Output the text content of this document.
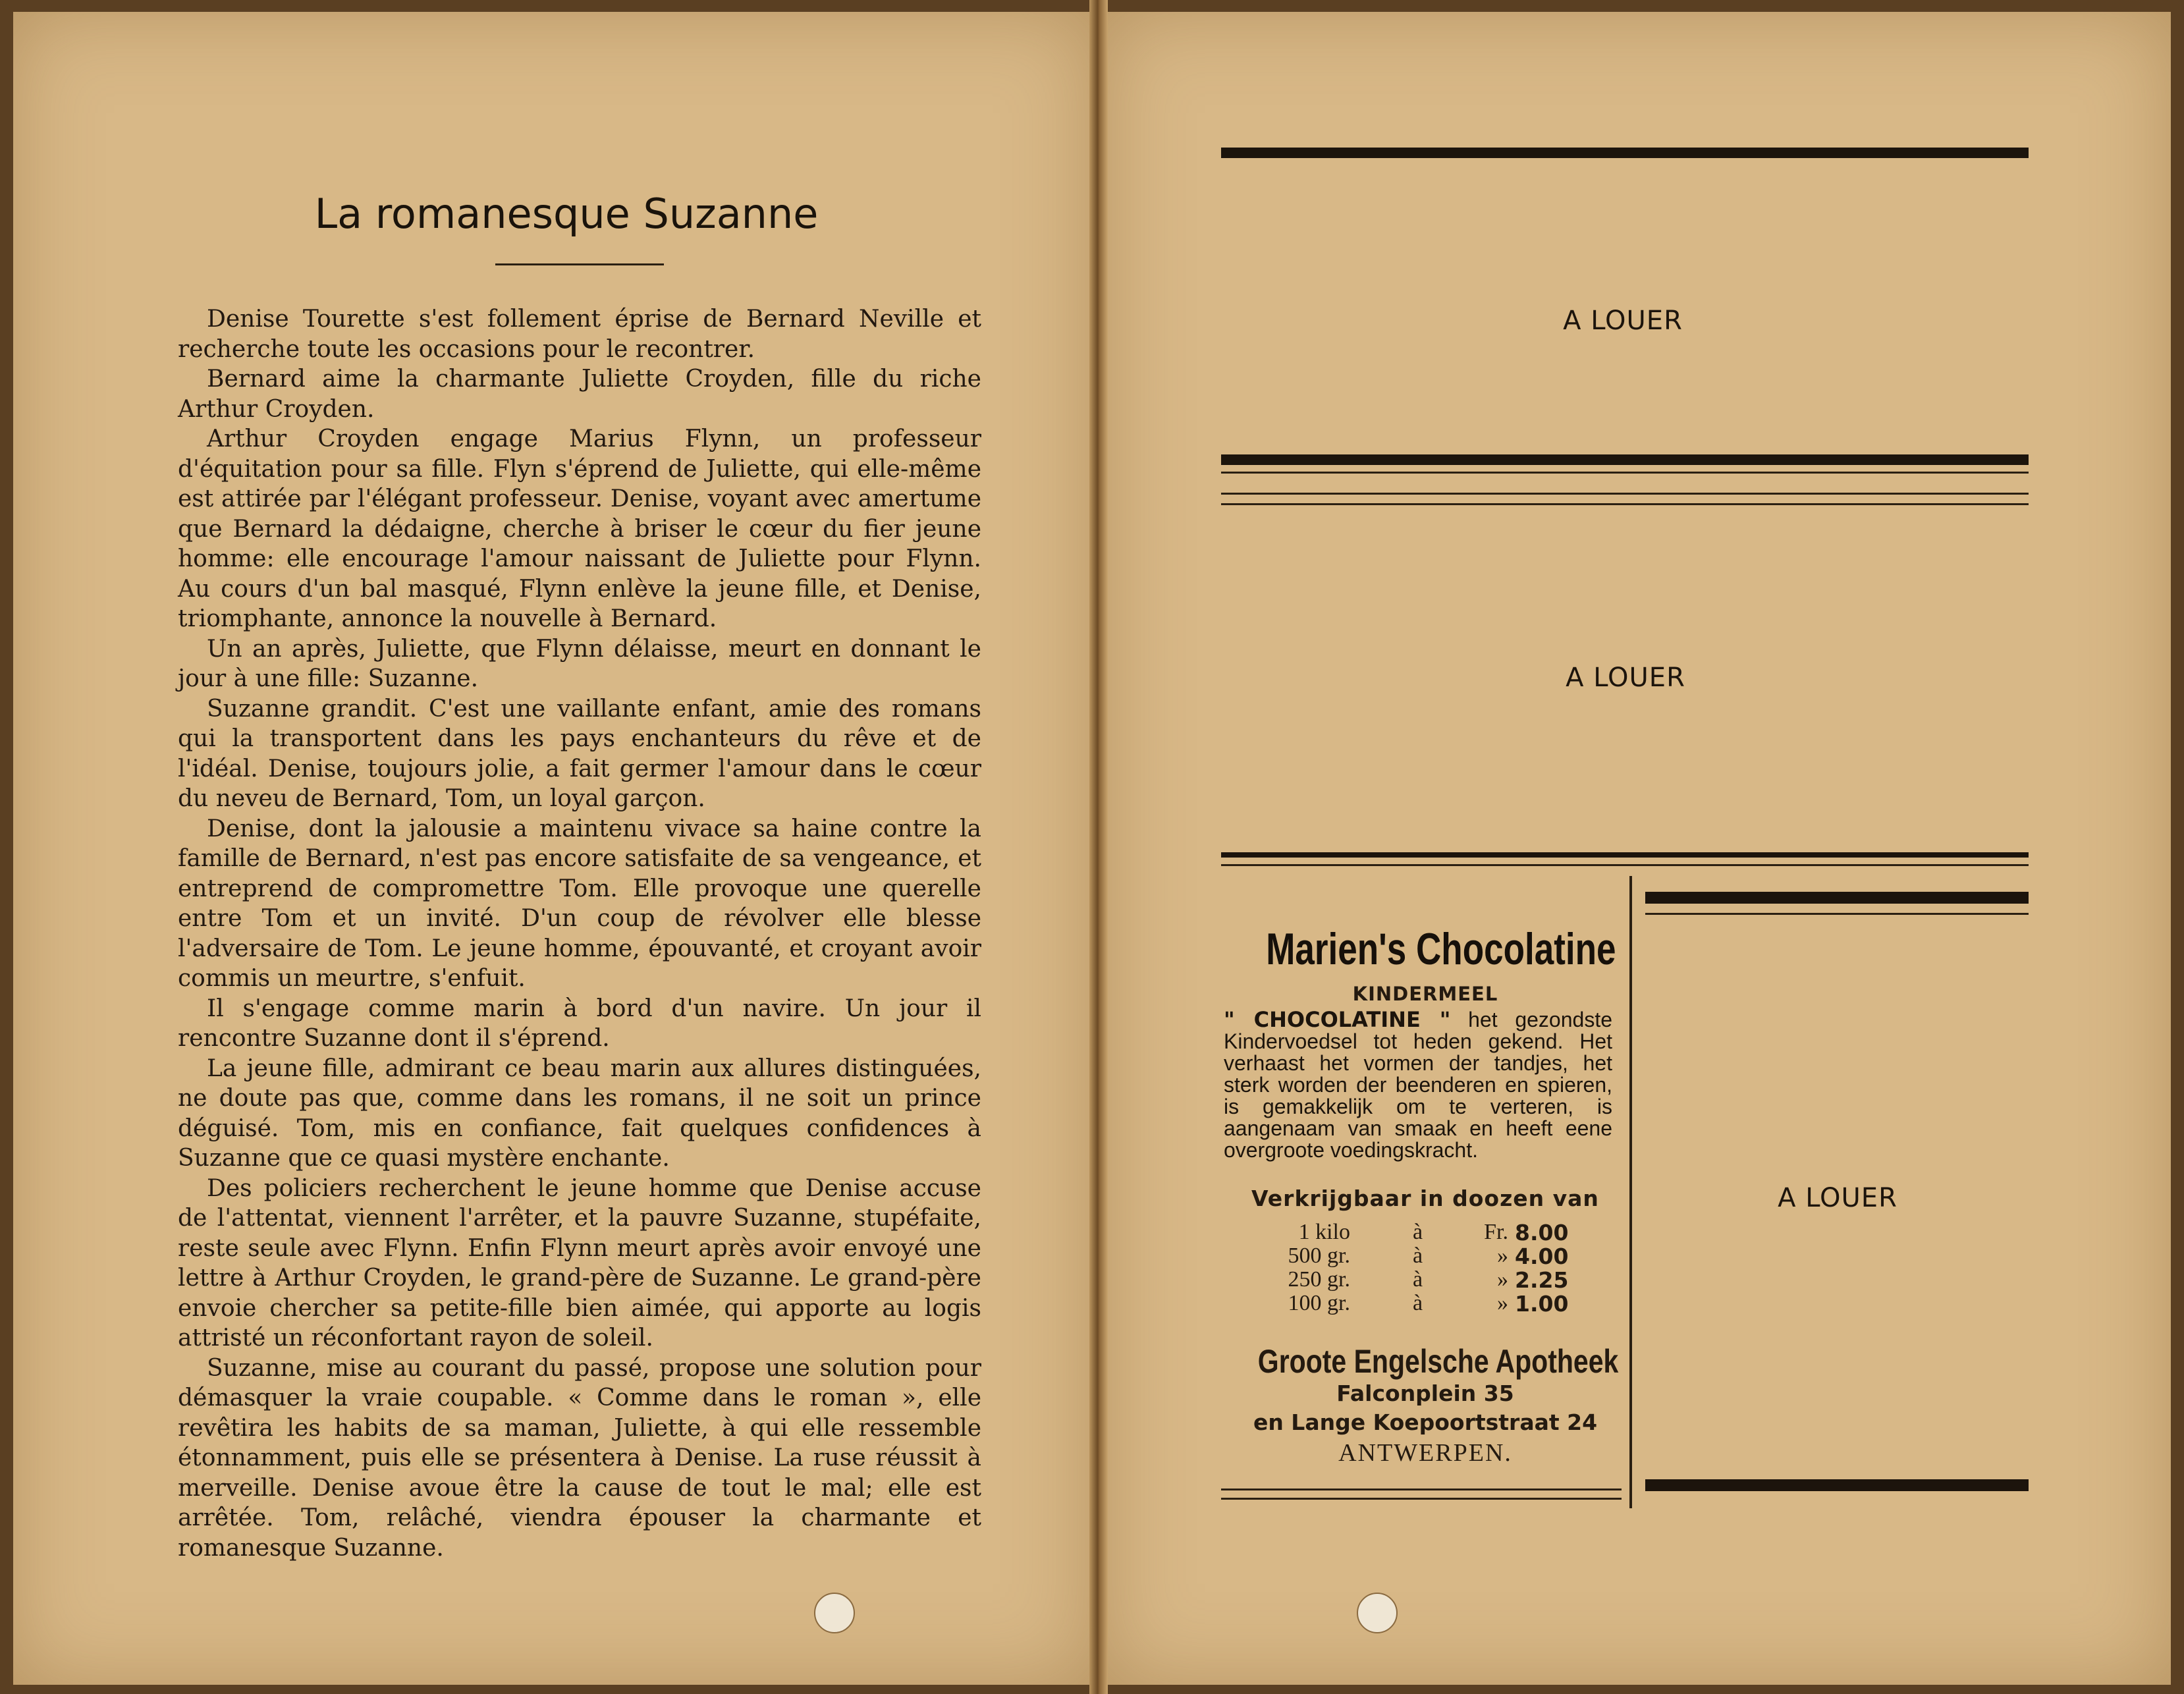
La romanesque Suzanne

Denise Tourette s'est follement éprise de Bernard Neville et recherche toute les occasions pour le recontrer.

Bernard aime la charmante Juliette Croyden, fille du riche Arthur Croyden.

Arthur Croyden engage Marius Flynn, un professeur d'équitation pour sa fille. Flyn s'éprend de Juliette, qui elle-même est attirée par l'élégant professeur. Denise, voyant avec amertume que Bernard la dédaigne, cherche à briser le cœur du fier jeune homme: elle encourage l'amour naissant de Juliette pour Flynn. Au cours d'un bal masqué, Flynn enlève la jeune fille, et Denise, triomphante, annonce la nouvelle à Bernard.

Un an après, Juliette, que Flynn délaisse, meurt en donnant le jour à une fille: Suzanne.

Suzanne grandit. C'est une vaillante enfant, amie des romans qui la transportent dans les pays enchanteurs du rêve et de l'idéal. Denise, toujours jolie, a fait germer l'amour dans le cœur du neveu de Bernard, Tom, un loyal garçon.

Denise, dont la jalousie a maintenu vivace sa haine contre la famille de Bernard, n'est pas encore satisfaite de sa vengeance, et entreprend de compromettre Tom. Elle provoque une querelle entre Tom et un invité. D'un coup de révolver elle blesse l'adversaire de Tom. Le jeune homme, épouvanté, et croyant avoir commis un meurtre, s'enfuit.

Il s'engage comme marin à bord d'un navire. Un jour il rencontre Suzanne dont il s'éprend.

La jeune fille, admirant ce beau marin aux allures distinguées, ne doute pas que, comme dans les romans, il ne soit un prince déguisé. Tom, mis en confiance, fait quelques confidences à Suzanne que ce quasi mystère enchante.

Des policiers recherchent le jeune homme que Denise accuse de l'attentat, viennent l'arrêter, et la pauvre Suzanne, stupéfaite, reste seule avec Flynn. Enfin Flynn meurt après avoir envoyé une lettre à Arthur Croyden, le grand-père de Suzanne. Le grand-père envoie chercher sa petite-fille bien aimée, qui apporte au logis attristé un réconfortant rayon de soleil.

Suzanne, mise au courant du passé, propose une solution pour démasquer la vraie coupable. « Comme dans le roman », elle revêtira les habits de sa maman, Juliette, à qui elle ressemble étonnamment, puis elle se présentera à Denise. La ruse réussit à merveille. Denise avoue être la cause de tout le mal; elle est arrêtée. Tom, relâché, viendra épouser la charmante et romanesque Suzanne.

A LOUER
A LOUER
Marien's Chocolatine
KINDERMEEL
" CHOCOLATINE " het gezondste Kindervoedsel tot heden gekend. Het verhaast het vormen der tandjes, het sterk worden der beenderen en spieren, is gemakkelijk om te verteren, is aangenaam van smaak en heeft eene overgroote voedingskracht.
Verkrijgbaar in doozen van
1 kilo	à	Fr. 8.00
500 gr.	à	» 4.00
250 gr.	à	» 2.25
100 gr.	à	» 1.00
Groote Engelsche Apotheek
Falconplein 35
en Lange Koepoortstraat 24
ANTWERPEN.
A LOUER
